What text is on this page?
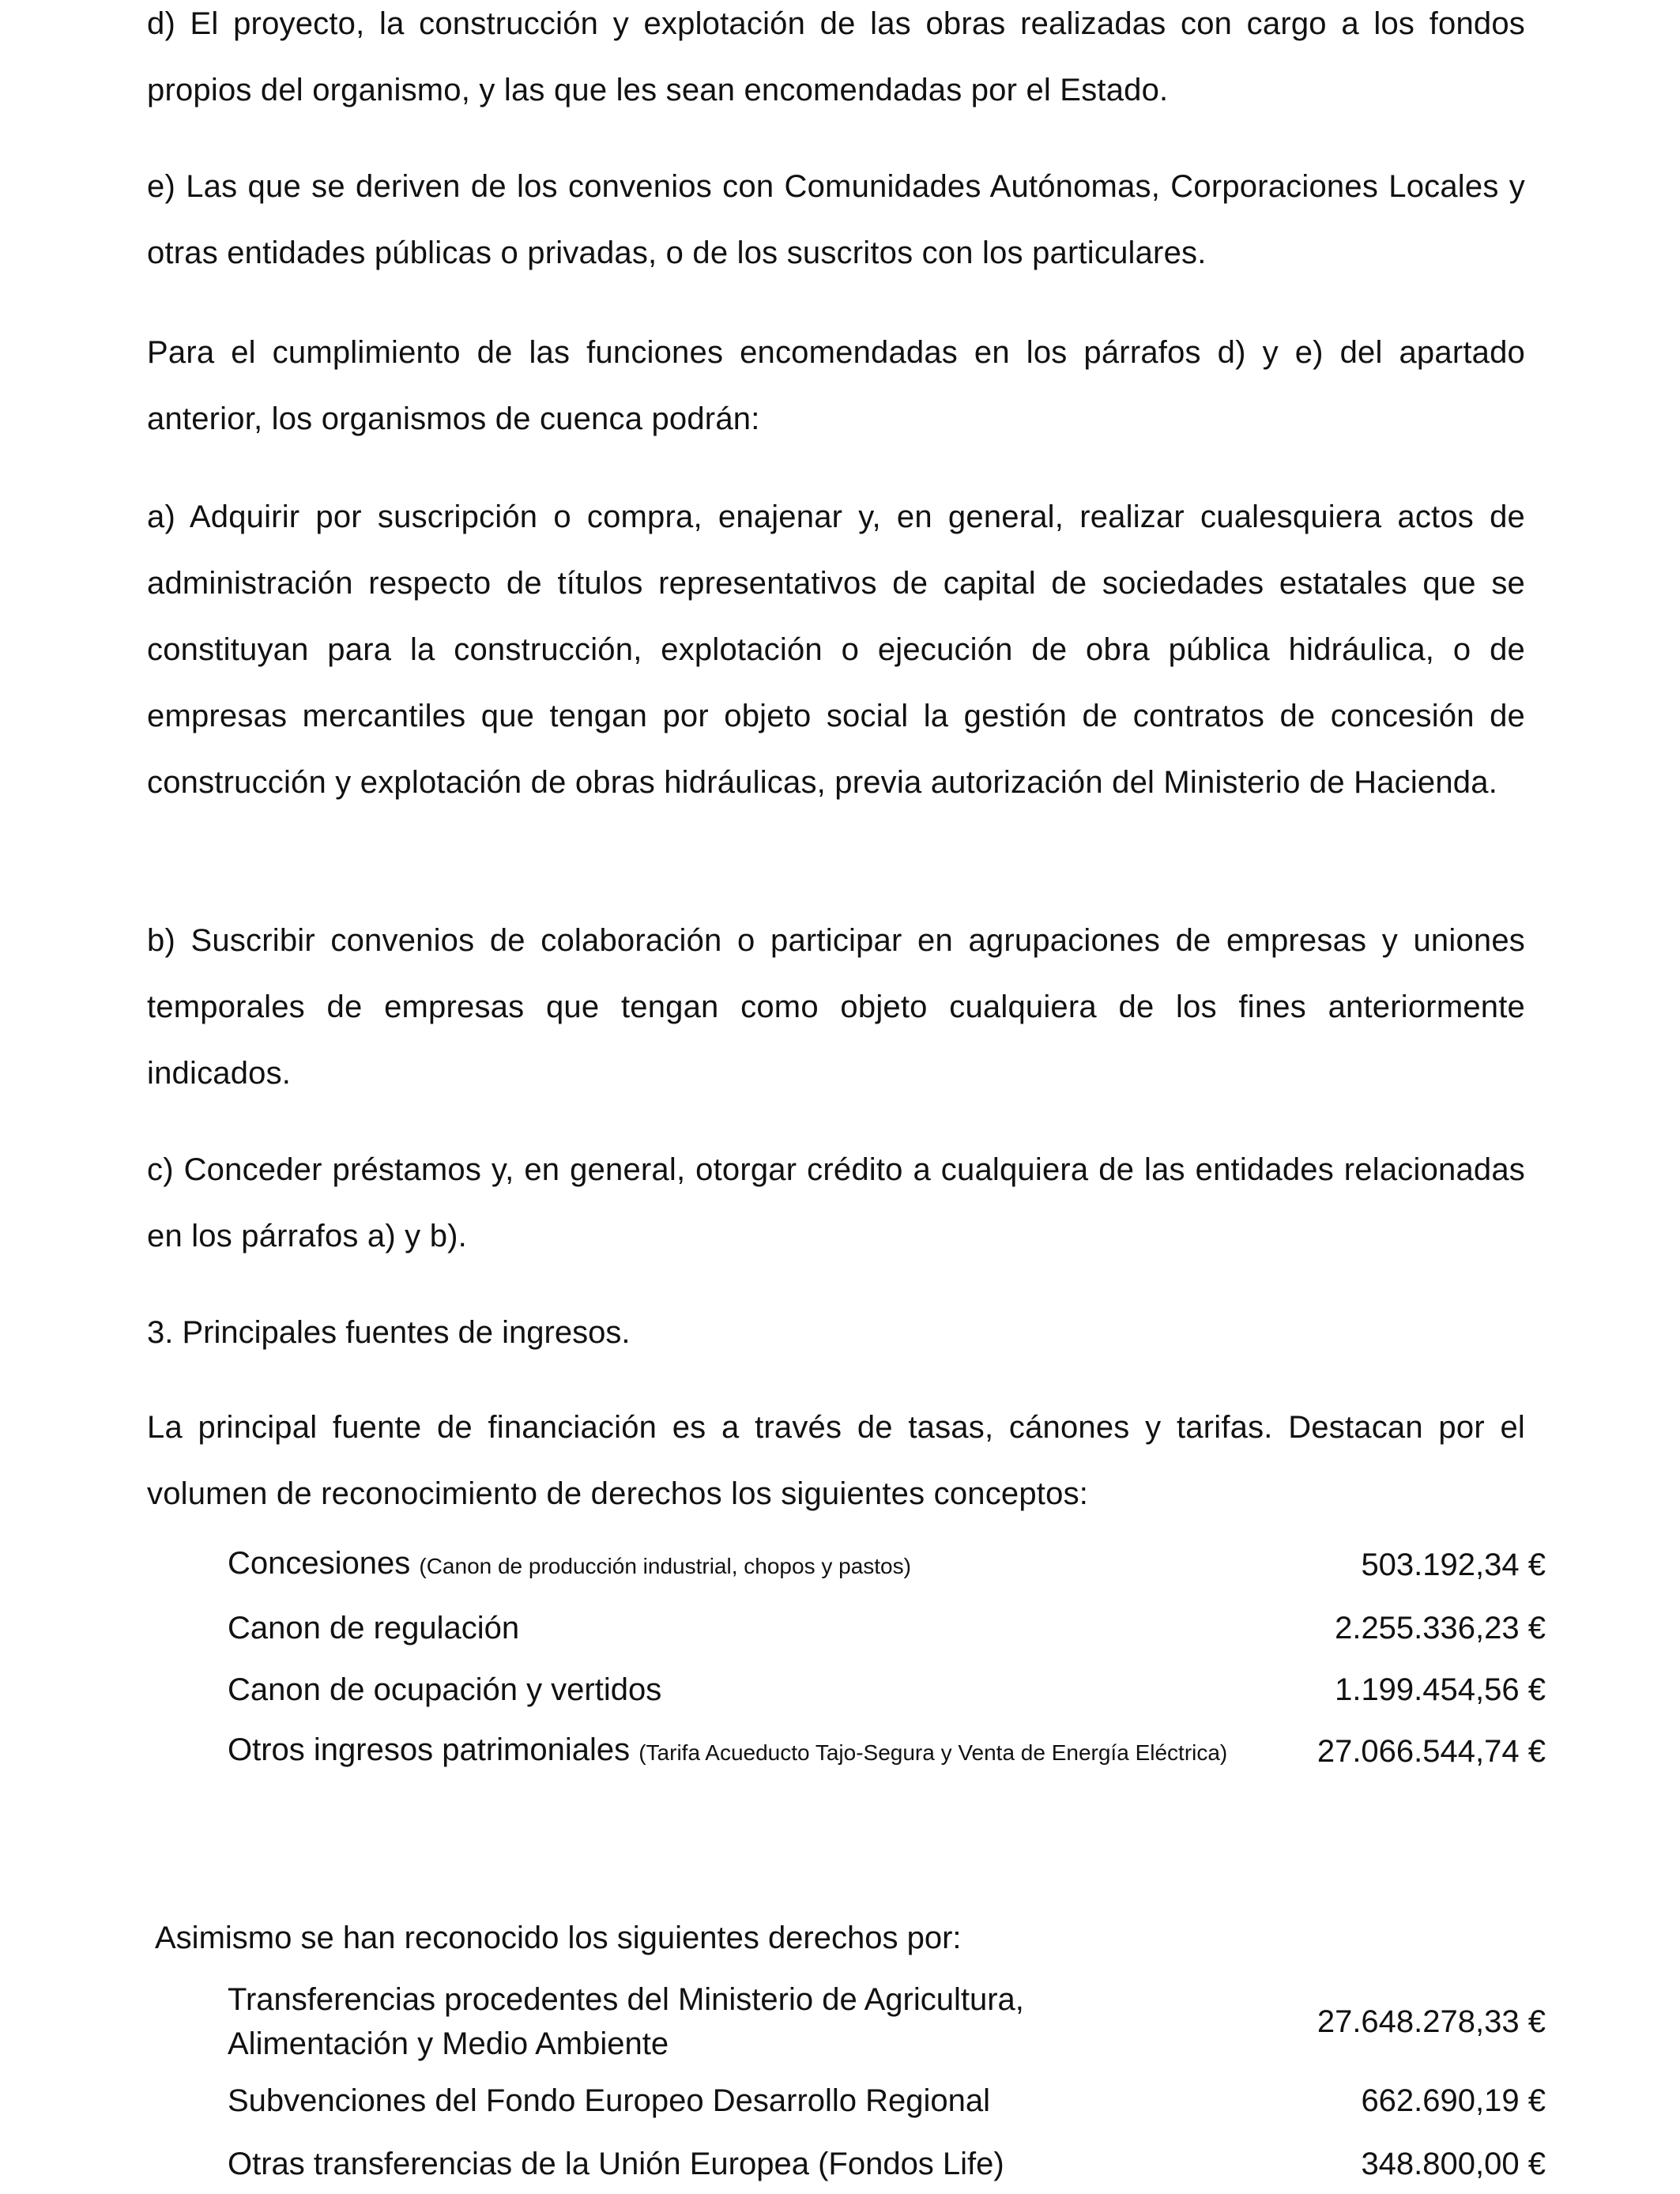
d) El proyecto, la construcción y explotación de las obras realizadas con cargo a los fondos propios del organismo, y las que les sean encomendadas por el Estado.

e) Las que se deriven de los convenios con Comunidades Autónomas, Corporaciones Locales y otras entidades públicas o privadas, o de los suscritos con los particulares.

Para el cumplimiento de las funciones encomendadas en los párrafos d) y e) del apartado anterior, los organismos de cuenca podrán:

a) Adquirir por suscripción o compra, enajenar y, en general, realizar cualesquiera actos de administración respecto de títulos representativos de capital de sociedades estatales que se constituyan para la construcción, explotación o ejecución de obra pública hidráulica, o de empresas mercantiles que tengan por objeto social la gestión de contratos de concesión de construcción y explotación de obras hidráulicas, previa autorización del Ministerio de Hacienda.

b) Suscribir convenios de colaboración o participar en agrupaciones de empresas y uniones temporales de empresas que tengan como objeto cualquiera de los fines anteriormente indicados.

c) Conceder préstamos y, en general, otorgar crédito a cualquiera de las entidades relacionadas en los párrafos a) y b).

3. Principales fuentes de ingresos.

La principal fuente de financiación es a través de tasas, cánones y tarifas. Destacan por el volumen de reconocimiento de derechos los siguientes conceptos:

Concesiones (Canon de producción industrial, chopos y pastos)	503.192,34 €
Canon de regulación	2.255.336,23 €
Canon de ocupación y vertidos	1.199.454,56 €
Otros ingresos patrimoniales (Tarifa Acueducto Tajo-Segura y Venta de Energía Eléctrica)	27.066.544,74 €

Asimismo se han reconocido los siguientes derechos por:

Transferencias procedentes del Ministerio de Agricultura, Alimentación y Medio Ambiente
27.648.278,33 €
Subvenciones del Fondo Europeo Desarrollo Regional	662.690,19 €
Otras transferencias de la Unión Europea (Fondos Life)	348.800,00 €
